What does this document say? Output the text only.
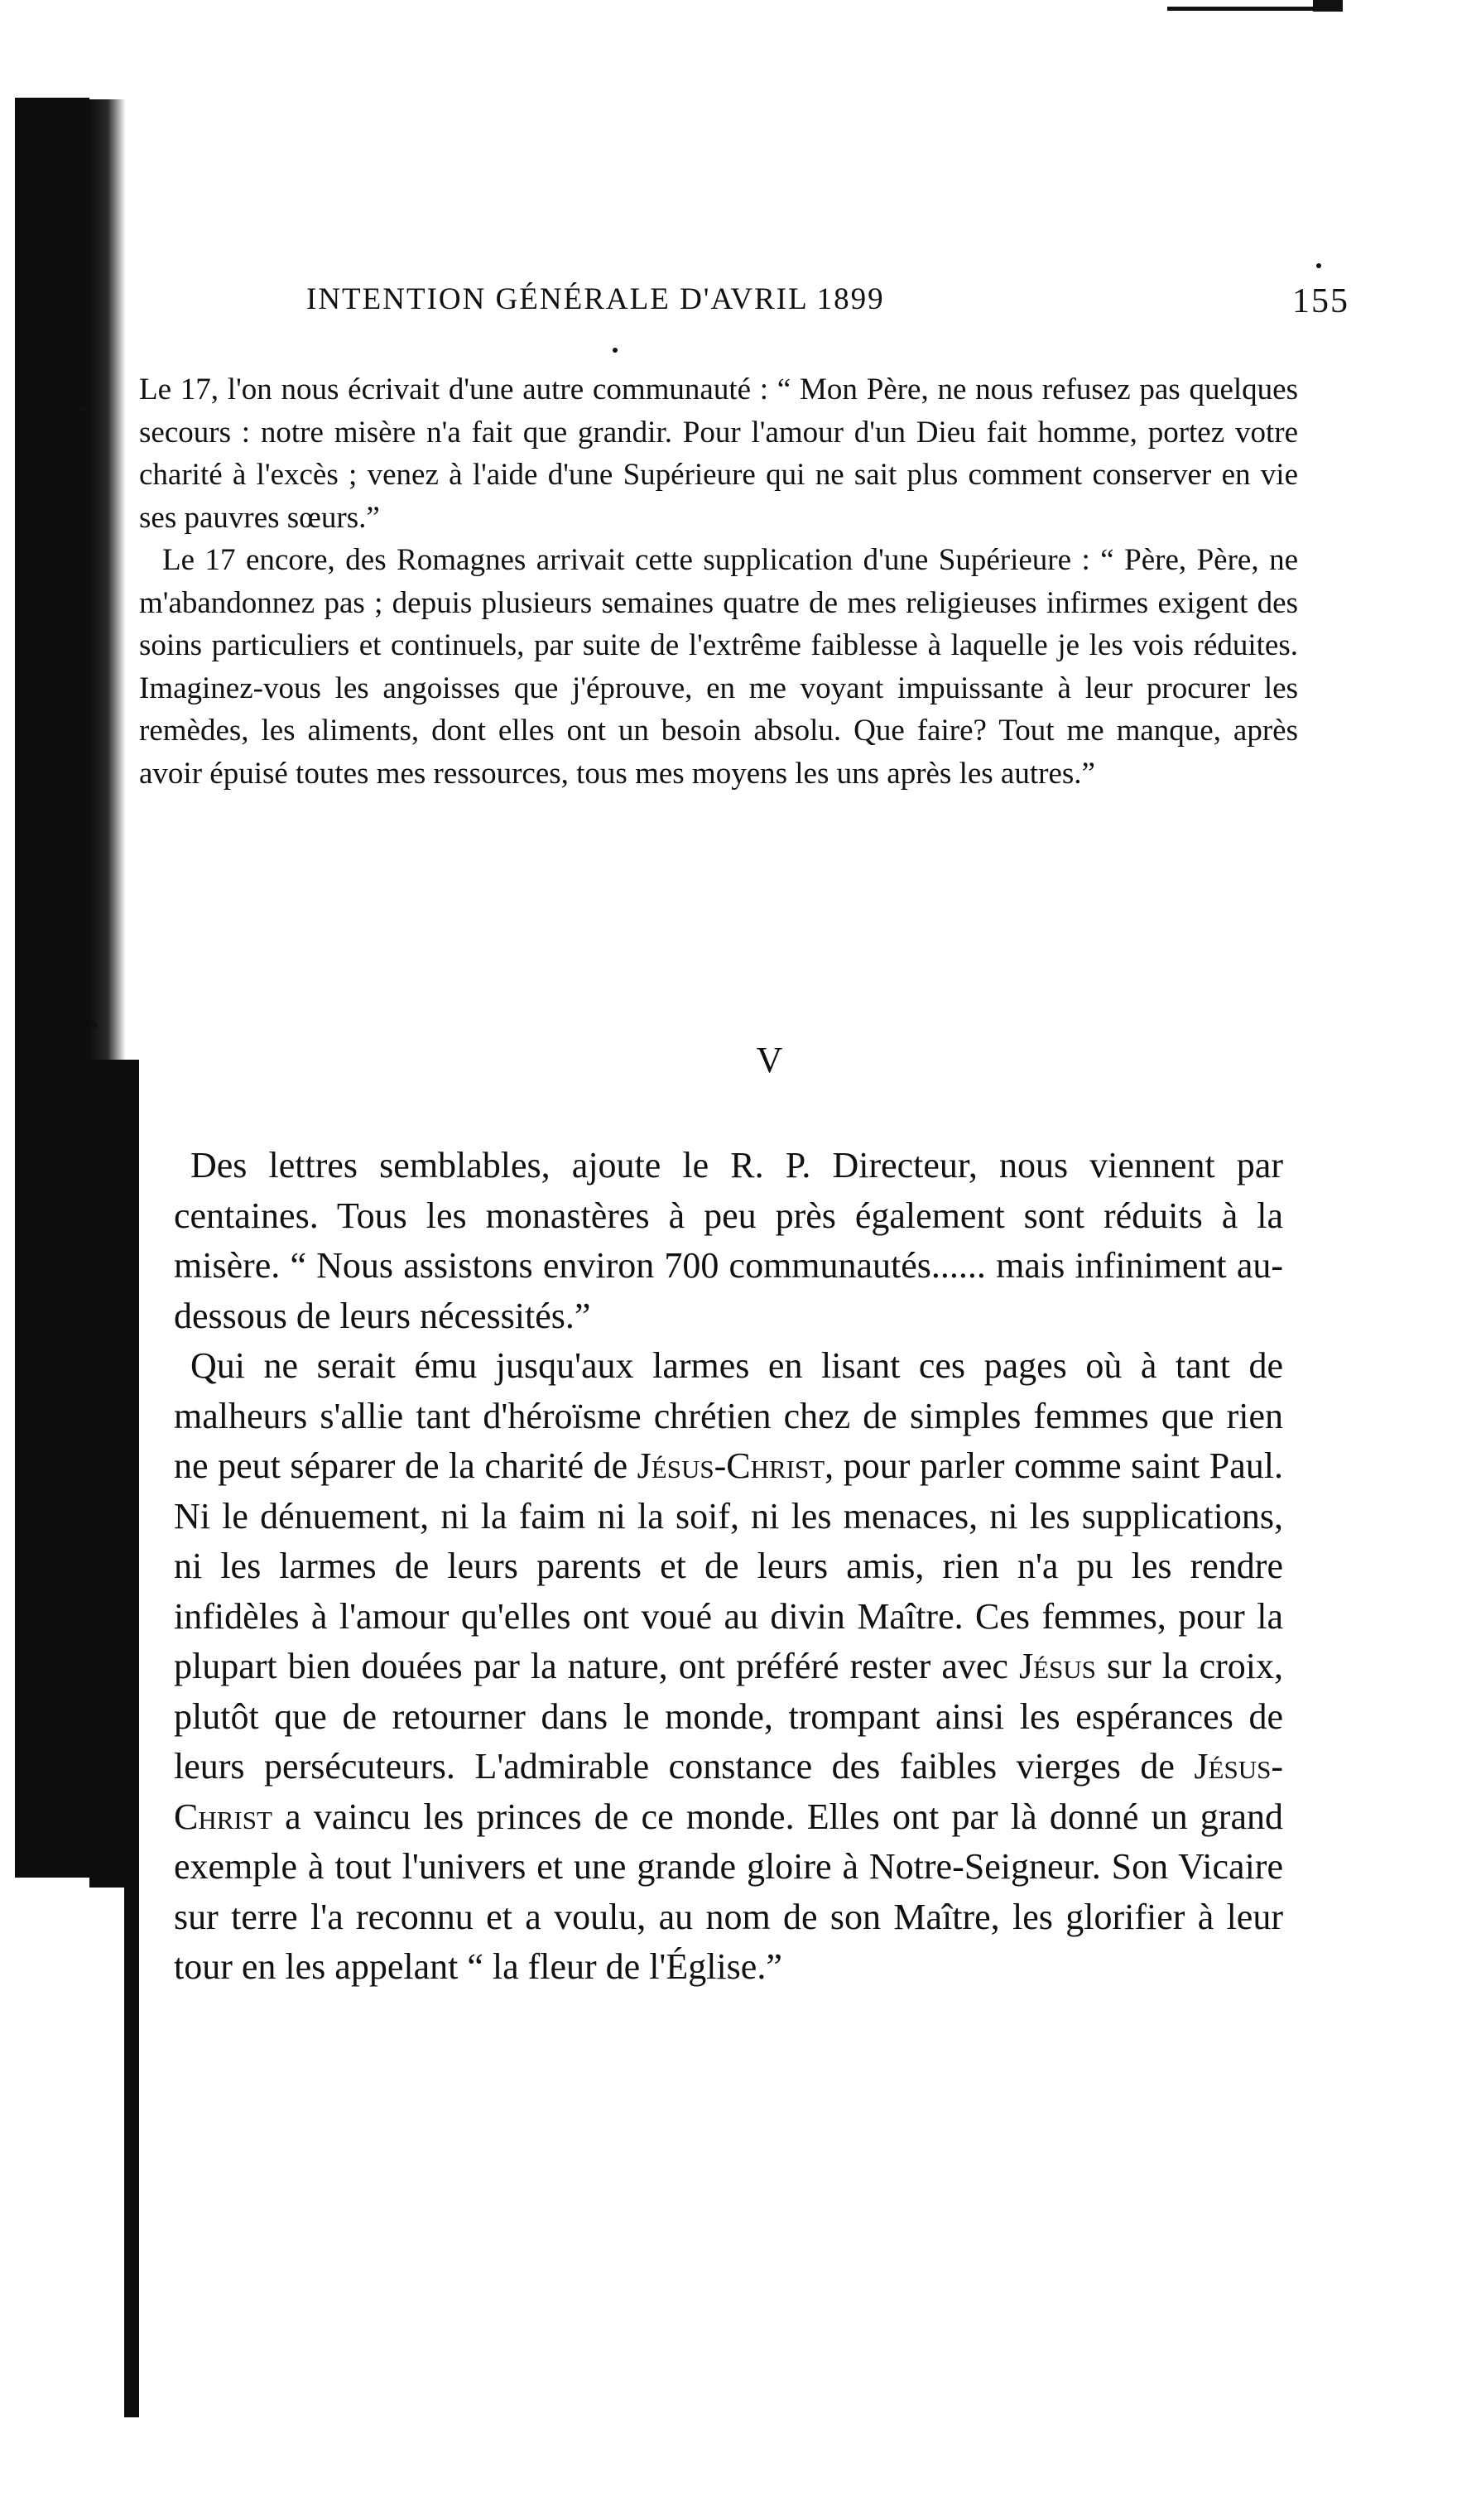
INTENTION GÉNÉRALE D'AVRIL 1899	155

Le 17, l'on nous écrivait d'une autre communauté : “ Mon Père, ne nous refusez pas quelques secours : notre misère n'a fait que grandir. Pour l'amour d'un Dieu fait homme, portez votre charité à l'excès ; venez à l'aide d'une Supérieure qui ne sait plus comment conserver en vie ses pauvres sœurs.”

Le 17 encore, des Romagnes arrivait cette supplication d'une Supérieure : “ Père, Père, ne m'abandonnez pas ; depuis plusieurs semaines quatre de mes religieuses infirmes exigent des soins particuliers et continuels, par suite de l'extrême faiblesse à laquelle je les vois réduites. Imaginez-vous les angoisses que j'éprouve, en me voyant impuissante à leur procurer les remèdes, les aliments, dont elles ont un besoin absolu. Que faire? Tout me manque, après avoir épuisé toutes mes ressources, tous mes moyens les uns après les autres.”

V

Des lettres semblables, ajoute le R. P. Directeur, nous viennent par centaines. Tous les monastères à peu près également sont réduits à la misère. “ Nous assistons environ 700 communautés...... mais infiniment au-dessous de leurs nécessités.”

Qui ne serait ému jusqu'aux larmes en lisant ces pages où à tant de malheurs s'allie tant d'héroïsme chrétien chez de simples femmes que rien ne peut séparer de la charité de Jésus-Christ, pour parler comme saint Paul. Ni le dénuement, ni la faim ni la soif, ni les menaces, ni les supplications, ni les larmes de leurs parents et de leurs amis, rien n'a pu les rendre infidèles à l'amour qu'elles ont voué au divin Maître. Ces femmes, pour la plupart bien douées par la nature, ont préféré rester avec Jésus sur la croix, plutôt que de retourner dans le monde, trompant ainsi les espérances de leurs persécuteurs. L'admirable constance des faibles vierges de Jésus-Christ a vaincu les princes de ce monde. Elles ont par là donné un grand exemple à tout l'univers et une grande gloire à Notre-Seigneur. Son Vicaire sur terre l'a reconnu et a voulu, au nom de son Maître, les glorifier à leur tour en les appelant “ la fleur de l'Église.”
